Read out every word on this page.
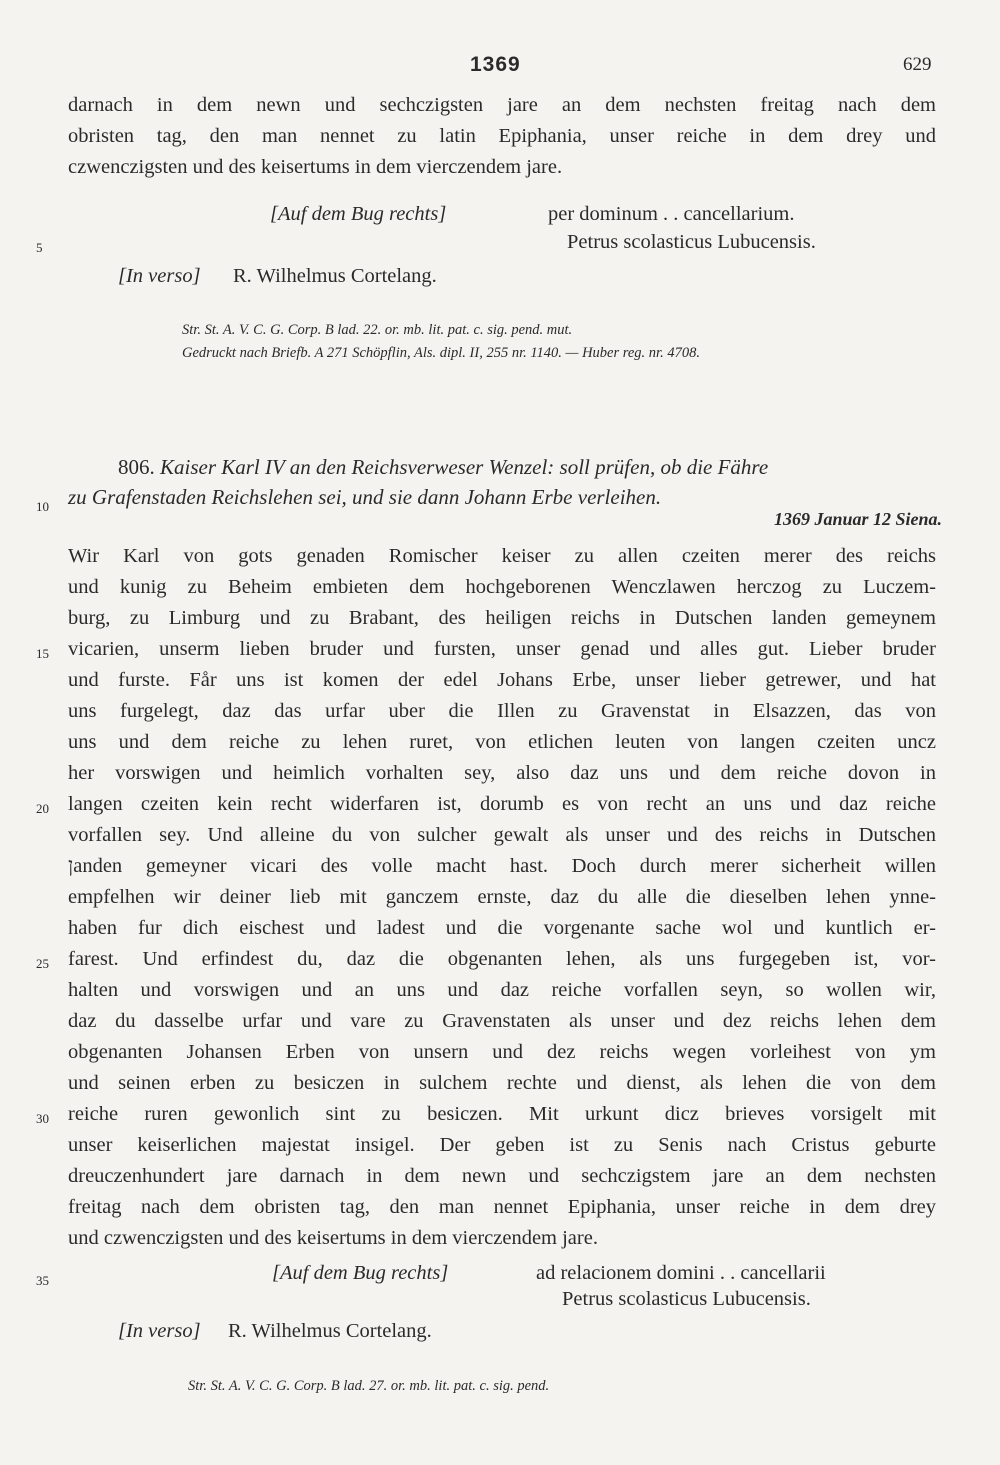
1369	629
darnach in dem newn und sechczigsten jare an dem nechsten freitag nach dem
obristen tag, den man nennet zu latin Epiphania, unser reiche in dem drey und
czwenczigsten und des keisertums in dem vierczendem jare.
[Auf dem Bug rechts]	per dominum . . cancellarium.
Petrus scolasticus Lubucensis.
5
[In verso] R. Wilhelmus Cortelang.
Str. St. A. V. C. G. Corp. B lad. 22. or. mb. lit. pat. c. sig. pend. mut.
Gedruckt nach Briefb. A 271 Schöpflin, Als. dipl. II, 255 nr. 1140. — Huber reg. nr. 4708.
806. Kaiser Karl IV an den Reichsverweser Wenzel: soll prüfen, ob die Fähre
10 zu Grafenstaden Reichslehen sei, und sie dann Johann Erbe verleihen.
1369 Januar 12 Siena.
Wir Karl von gots genaden Romischer keiser zu allen czeiten merer des reichs
und kunig zu Beheim embieten dem hochgeborenen Wenczlawen herczog zu Luczem-
burg, zu Limburg und zu Brabant, des heiligen reichs in Dutschen landen gemeynem
vicarien, unserm lieben bruder und fursten, unser genad und alles gut. Lieber bruder
und furste. Får uns ist komen der edel Johans Erbe, unser lieber getrewer, und hat
uns furgelegt, daz das urfar uber die Illen zu Gravenstat in Elsazzen, das von
uns und dem reiche zu lehen ruret, von etlichen leuten von langen czeiten uncz
her vorswigen und heimlich vorhalten sey, also daz uns und dem reiche dovon in
langen czeiten kein recht widerfaren ist, dorumb es von recht an uns und daz reiche
vorfallen sey. Und alleine du von sulcher gewalt als unser und des reichs in Dutschen
ןanden gemeyner vicari des volle macht hast. Doch durch merer sicherheit willen
empfelhen wir deiner lieb mit ganczem ernste, daz du alle die dieselben lehen ynne-
haben fur dich eischest und ladest und die vorgenante sache wol und kuntlich er-
farest. Und erfindest du, daz die obgenanten lehen, als uns furgegeben ist, vor-
halten und vorswigen und an uns und daz reiche vorfallen seyn, so wollen wir,
daz du dasselbe urfar und vare zu Gravenstaten als unser und dez reichs lehen dem
obgenanten Johansen Erben von unsern und dez reichs wegen vorleihest von ym
und seinen erben zu besiczen in sulchem rechte und dienst, als lehen die von dem
reiche ruren gewonlich sint zu besiczen. Mit urkunt dicz brieves vorsigelt mit
unser keiserlichen majestat insigel. Der geben ist zu Senis nach Cristus geburte
dreuczenhundert jare darnach in dem newn und sechczigstem jare an dem nechsten
freitag nach dem obristen tag, den man nennet Epiphania, unser reiche in dem drey
und czwenczigsten und des keisertums in dem vierczendem jare.
15
20
25
30
35	[Auf dem Bug rechts]	ad relacionem domini . . cancellarii
Petrus scolasticus Lubucensis.
[In verso] R. Wilhelmus Cortelang.
Str. St. A. V. C. G. Corp. B lad. 27. or. mb. lit. pat. c. sig. pend.
